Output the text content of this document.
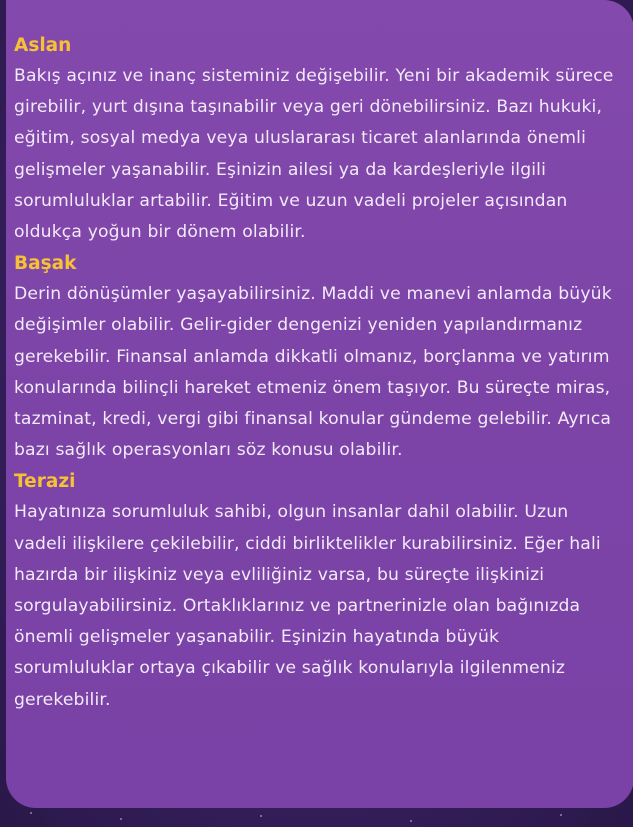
Aslan

Bakış açınız ve inanç sisteminiz değişebilir. Yeni bir akademik sürece girebilir, yurt dışına taşınabilir veya geri dönebilirsiniz. Bazı hukuki, eğitim, sosyal medya veya uluslararası ticaret alanlarında önemli gelişmeler yaşanabilir. Eşinizin ailesi ya da kardeşleriyle ilgili sorumluluklar artabilir. Eğitim ve uzun vadeli projeler açısından oldukça yoğun bir dönem olabilir.

Başak

Derin dönüşümler yaşayabilirsiniz. Maddi ve manevi anlamda büyük değişimler olabilir. Gelir-gider dengenizi yeniden yapılandırmanız gerekebilir. Finansal anlamda dikkatli olmanız, borçlanma ve yatırım konularında bilinçli hareket etmeniz önem taşıyor. Bu süreçte miras, tazminat, kredi, vergi gibi finansal konular gündeme gelebilir. Ayrıca bazı sağlık operasyonları söz konusu olabilir.

Terazi

Hayatınıza sorumluluk sahibi, olgun insanlar dahil olabilir. Uzun vadeli ilişkilere çekilebilir, ciddi birliktelikler kurabilirsiniz. Eğer hali hazırda bir ilişkiniz veya evliliğiniz varsa, bu süreçte ilişkinizi sorgulayabilirsiniz. Ortaklıklarınız ve partnerinizle olan bağınızda önemli gelişmeler yaşanabilir. Eşinizin hayatında büyük sorumluluklar ortaya çıkabilir ve sağlık konularıyla ilgilenmeniz gerekebilir.
